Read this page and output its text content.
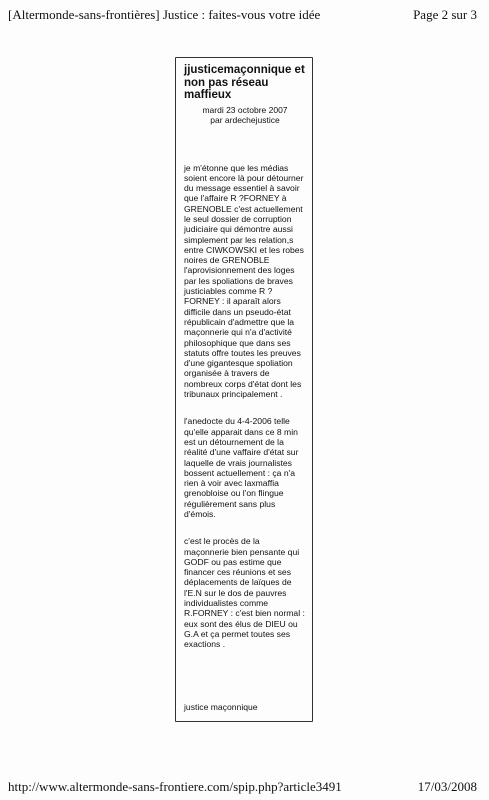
[Altermonde-sans-frontières] Justice : faites-vous votre idée	Page 2 sur 3
jjusticemaçonnique et non pas réseau maffieux
mardi 23 octobre 2007
par ardechejustice

je m'étonne que les médias soient encore là pour détourner du message essentiel à savoir que l'affaire R ?FORNEY à GRENOBLE c'est actuellement le seul dossier de corruption judiciaire qui démontre aussi simplement par les relation,s entre CIWKOWSKI et les robes noires de GRENOBLE l'aprovisionnement des loges par les spoliations de braves justiciables comme R ? FORNEY : il aparaît alors difficile dans un pseudo-état républicain d'admettre que la maçonnerie qui n'a d'activité philosophique que dans ses statuts offre toutes les preuves d'une gigantesque spoliation organisée à travers de nombreux corps d'état dont les tribunaux principalement .

l'anedocte du 4-4-2006 telle qu'elle apparait dans ce 8 min est un détournement de la réalité d'une vaffaire d'état sur laquelle de vrais journalistes bossent actuellement : ça n'a rien à voir avec laxmaffia grenobloise ou l'on flingue régulièrement sans plus d'émois.

c'est le procès de la maçonnerie bien pensante qui GODF ou pas estime que financer ces réunions et ses déplacements de laïques de l'E.N sur le dos de pauvres individualistes comme R.FORNEY : c'est bien normal : eux sont des élus de DIEU ou G.A et ça permet toutes ses exactions .

justice maçonnique
http://www.altermonde-sans-frontiere.com/spip.php?article3491	17/03/2008
